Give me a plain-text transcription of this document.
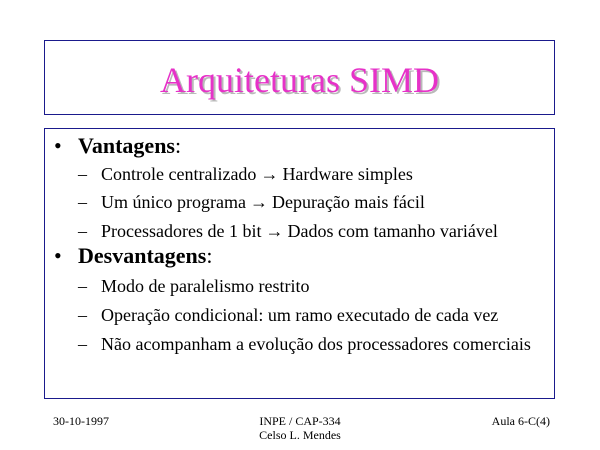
Arquiteturas SIMD
• Vantagens :
– Controle centralizado → Hardware simples
– Um único programa → Depuração mais fácil
– Processadores de 1 bit → Dados com tamanho variável
• Desvantagens :
– Modo de paralelismo restrito
– Operação condicional: um ramo executado de cada vez
– Não acompanham a evolução dos processadores comerciais
30-10-1997	INPE / CAP-334
Celso L. Mendes
Aula 6-C(4)
